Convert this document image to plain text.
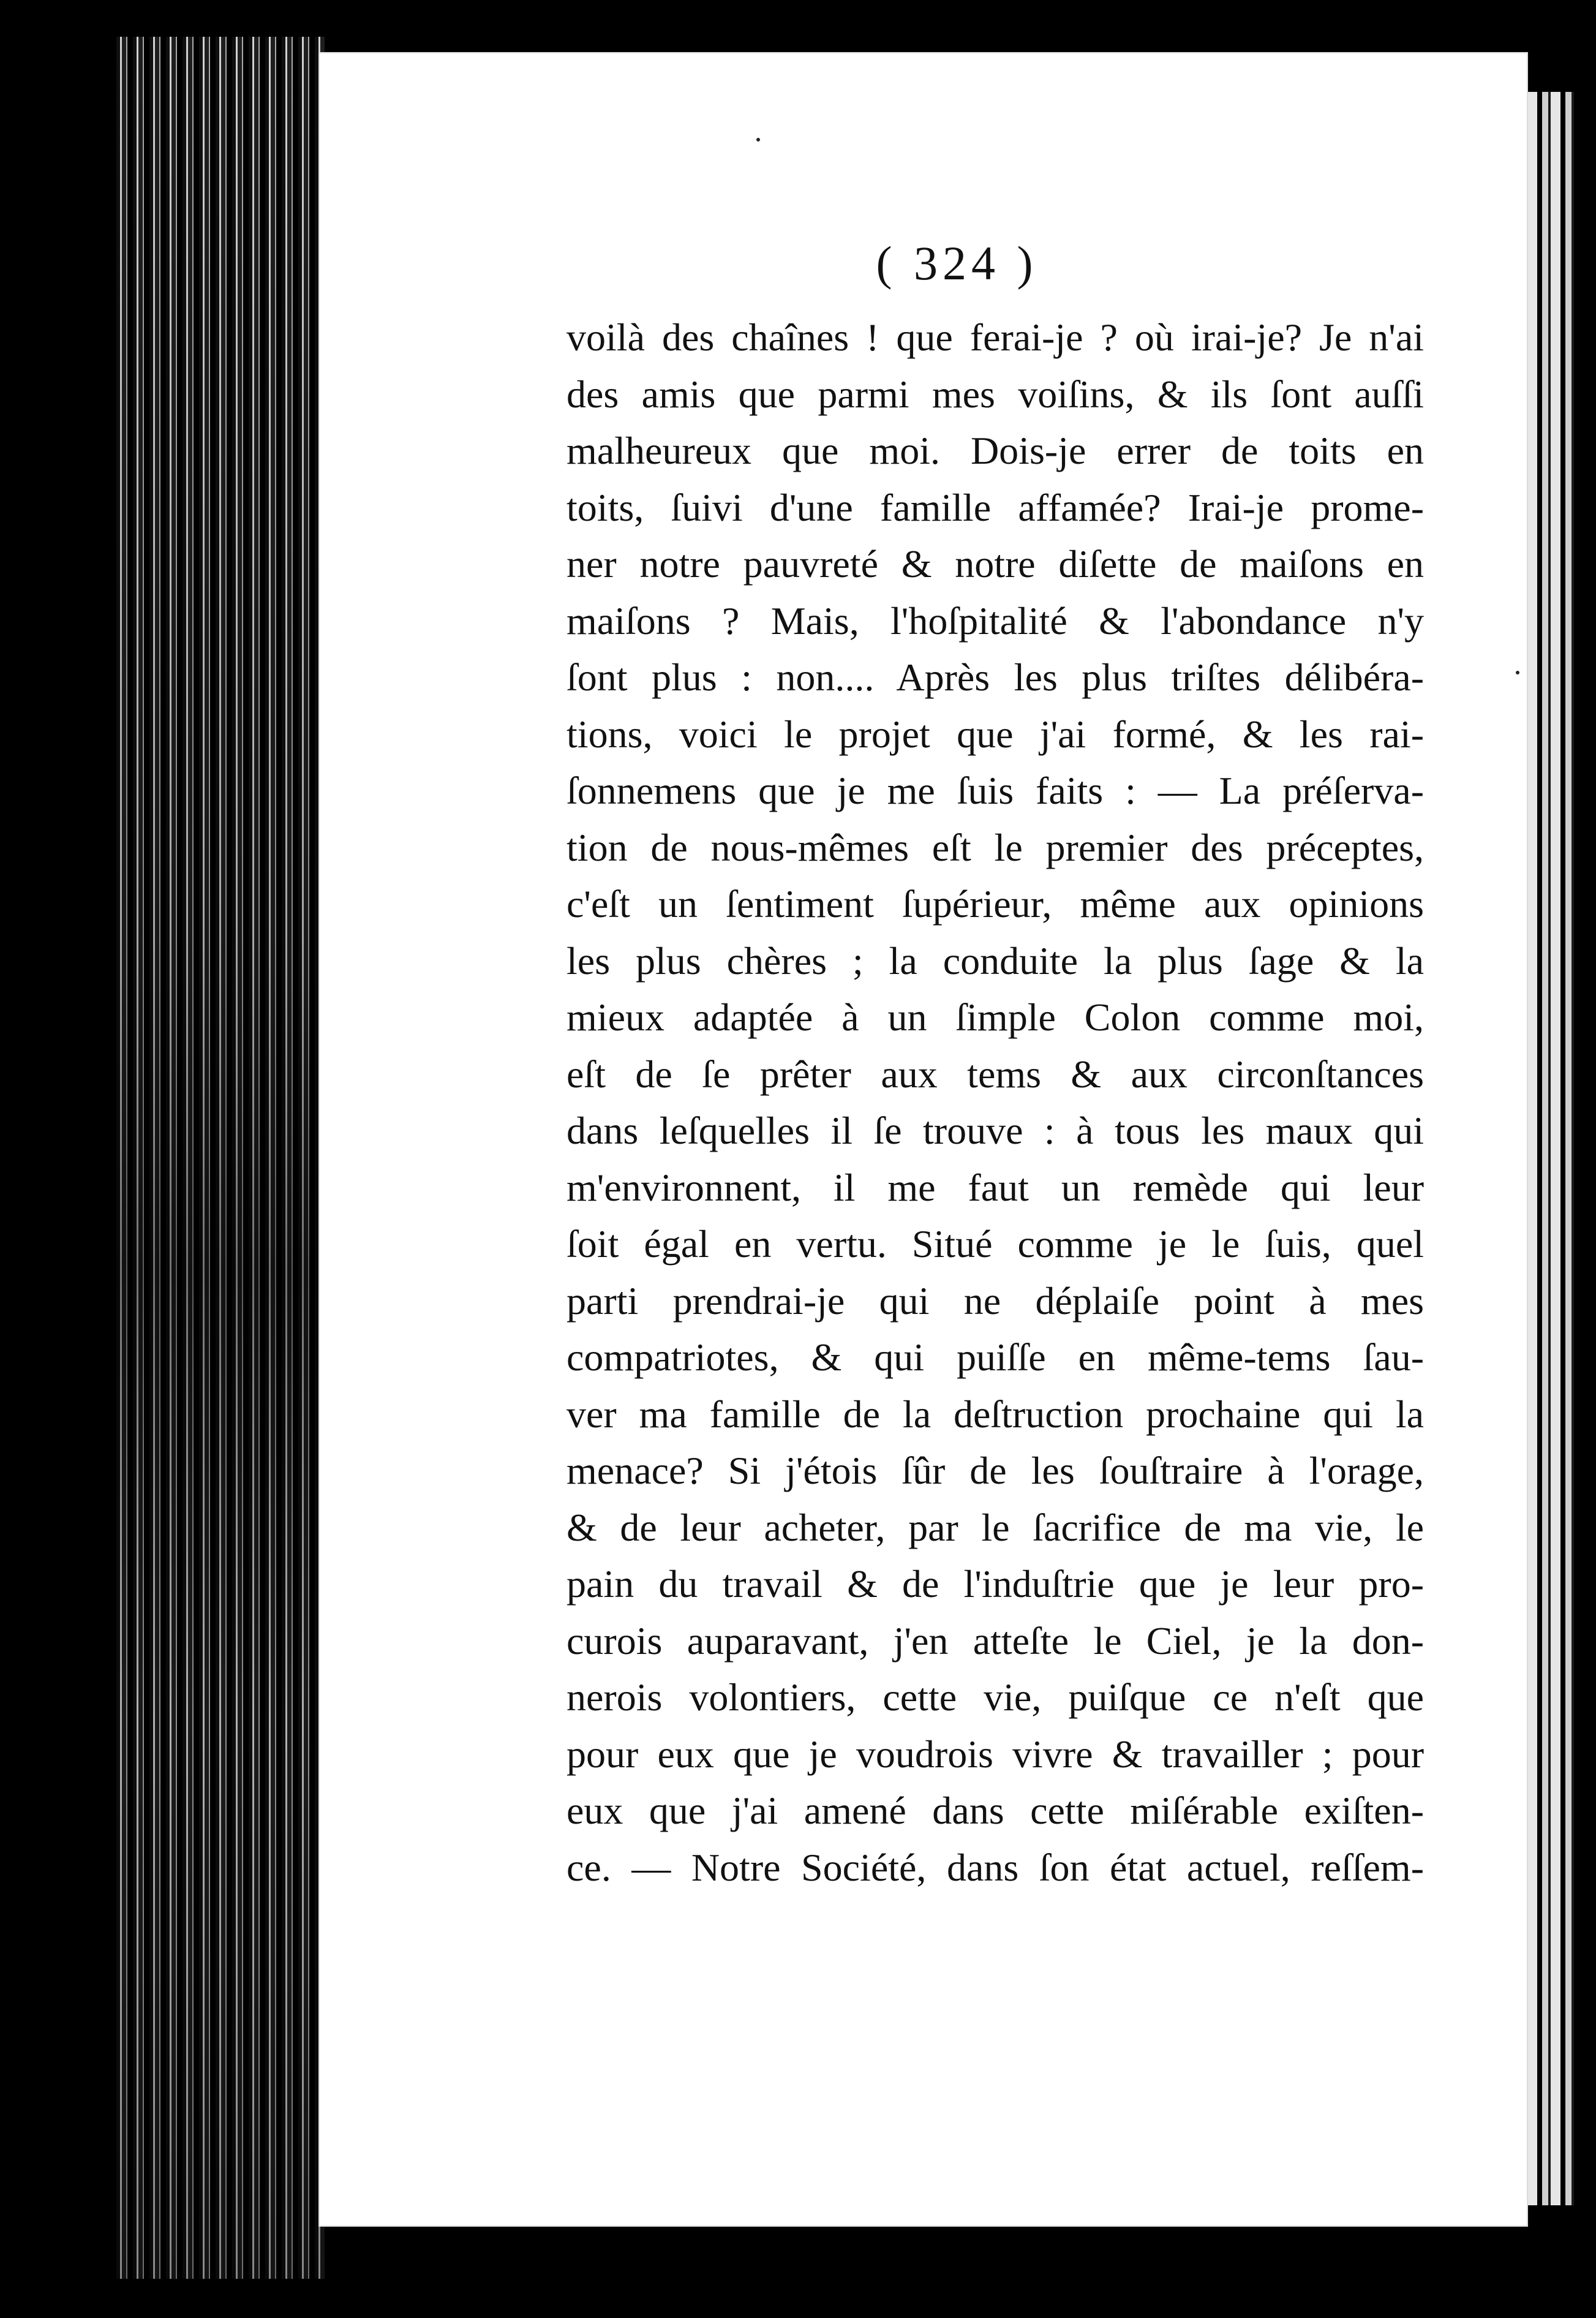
( 324 )
voilà des chaînes ! que ferai-je ? où irai-je? Je n'ai
des amis que parmi mes voiſins, & ils ſont auſſi
malheureux que moi. Dois-je errer de toits en
toits, ſuivi d'une famille affamée? Irai-je prome-
ner notre pauvreté & notre diſette de maiſons en
maiſons ? Mais, l'hoſpitalité & l'abondance n'y
ſont plus : non.... Après les plus triſtes délibéra-
tions, voici le projet que j'ai formé, & les rai-
ſonnemens que je me ſuis faits : — La préſerva-
tion de nous-mêmes eſt le premier des préceptes,
c'eſt un ſentiment ſupérieur, même aux opinions
les plus chères ; la conduite la plus ſage & la
mieux adaptée à un ſimple Colon comme moi,
eſt de ſe prêter aux tems & aux circonſtances
dans leſquelles il ſe trouve : à tous les maux qui
m'environnent, il me faut un remède qui leur
ſoit égal en vertu. Situé comme je le ſuis, quel
parti prendrai-je qui ne déplaiſe point à mes
compatriotes, & qui puiſſe en même-tems ſau-
ver ma famille de la deſtruction prochaine qui la
menace? Si j'étois ſûr de les ſouſtraire à l'orage,
& de leur acheter, par le ſacrifice de ma vie, le
pain du travail & de l'induſtrie que je leur pro-
curois auparavant, j'en atteſte le Ciel, je la don-
nerois volontiers, cette vie, puiſque ce n'eſt que
pour eux que je voudrois vivre & travailler ; pour
eux que j'ai amené dans cette miſérable exiſten-
ce. — Notre Société, dans ſon état actuel, reſſem-
